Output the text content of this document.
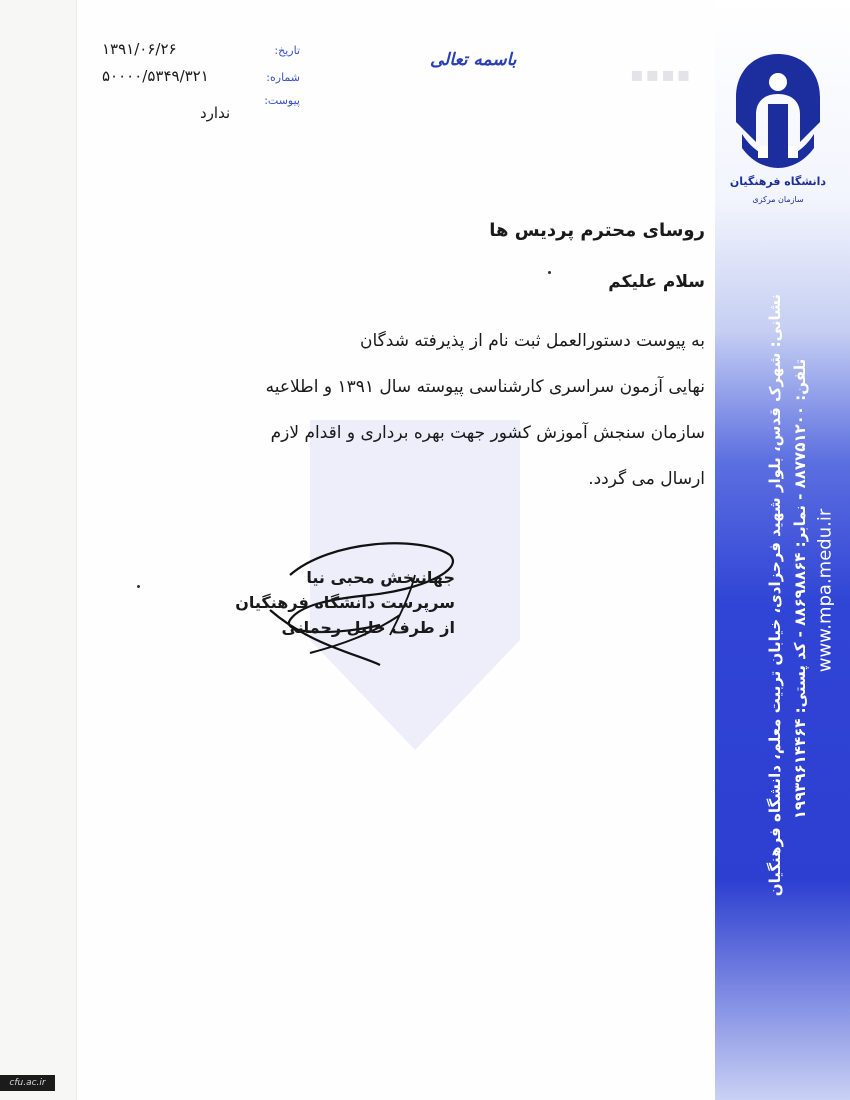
دانشگاه فرهنگیان
سازمان مرکزی
نشانی: شهرک قدس، بلوار شهید فرحزادی، خیابان تربیت معلم، دانشگاه فرهنگیان تلفن: ۸۸۷۷۵۱۲۰۰ - نمابر: ۸۸۶۹۸۸۶۴ - کد پستی: ۱۹۹۳۹۶۱۴۴۶۴
www.mpa.medu.ir
باسمه تعالی
▪︎▪︎▪︎▪︎
تاریخ:
۱۳۹۱/۰۶/۲۶
شماره:
۵۰۰۰۰/۵۳۴۹/۳۲۱
پیوست:
ندارد
روسای محترم پردیس ها
سلام علیکم
به پیوست دستورالعمل ثبت نام از پذیرفته شدگان
نهایی آزمون سراسری کارشناسی پیوسته سال ۱۳۹۱ و اطلاعیه
سازمان سنجش آموزش کشور جهت بهره برداری و اقدام لازم
ارسال می گردد.
جهانبخش محبی نیا
سرپرست دانشگاه فرهنگیان
از طرف خلیل رحمانی
cfu.ac.ir
